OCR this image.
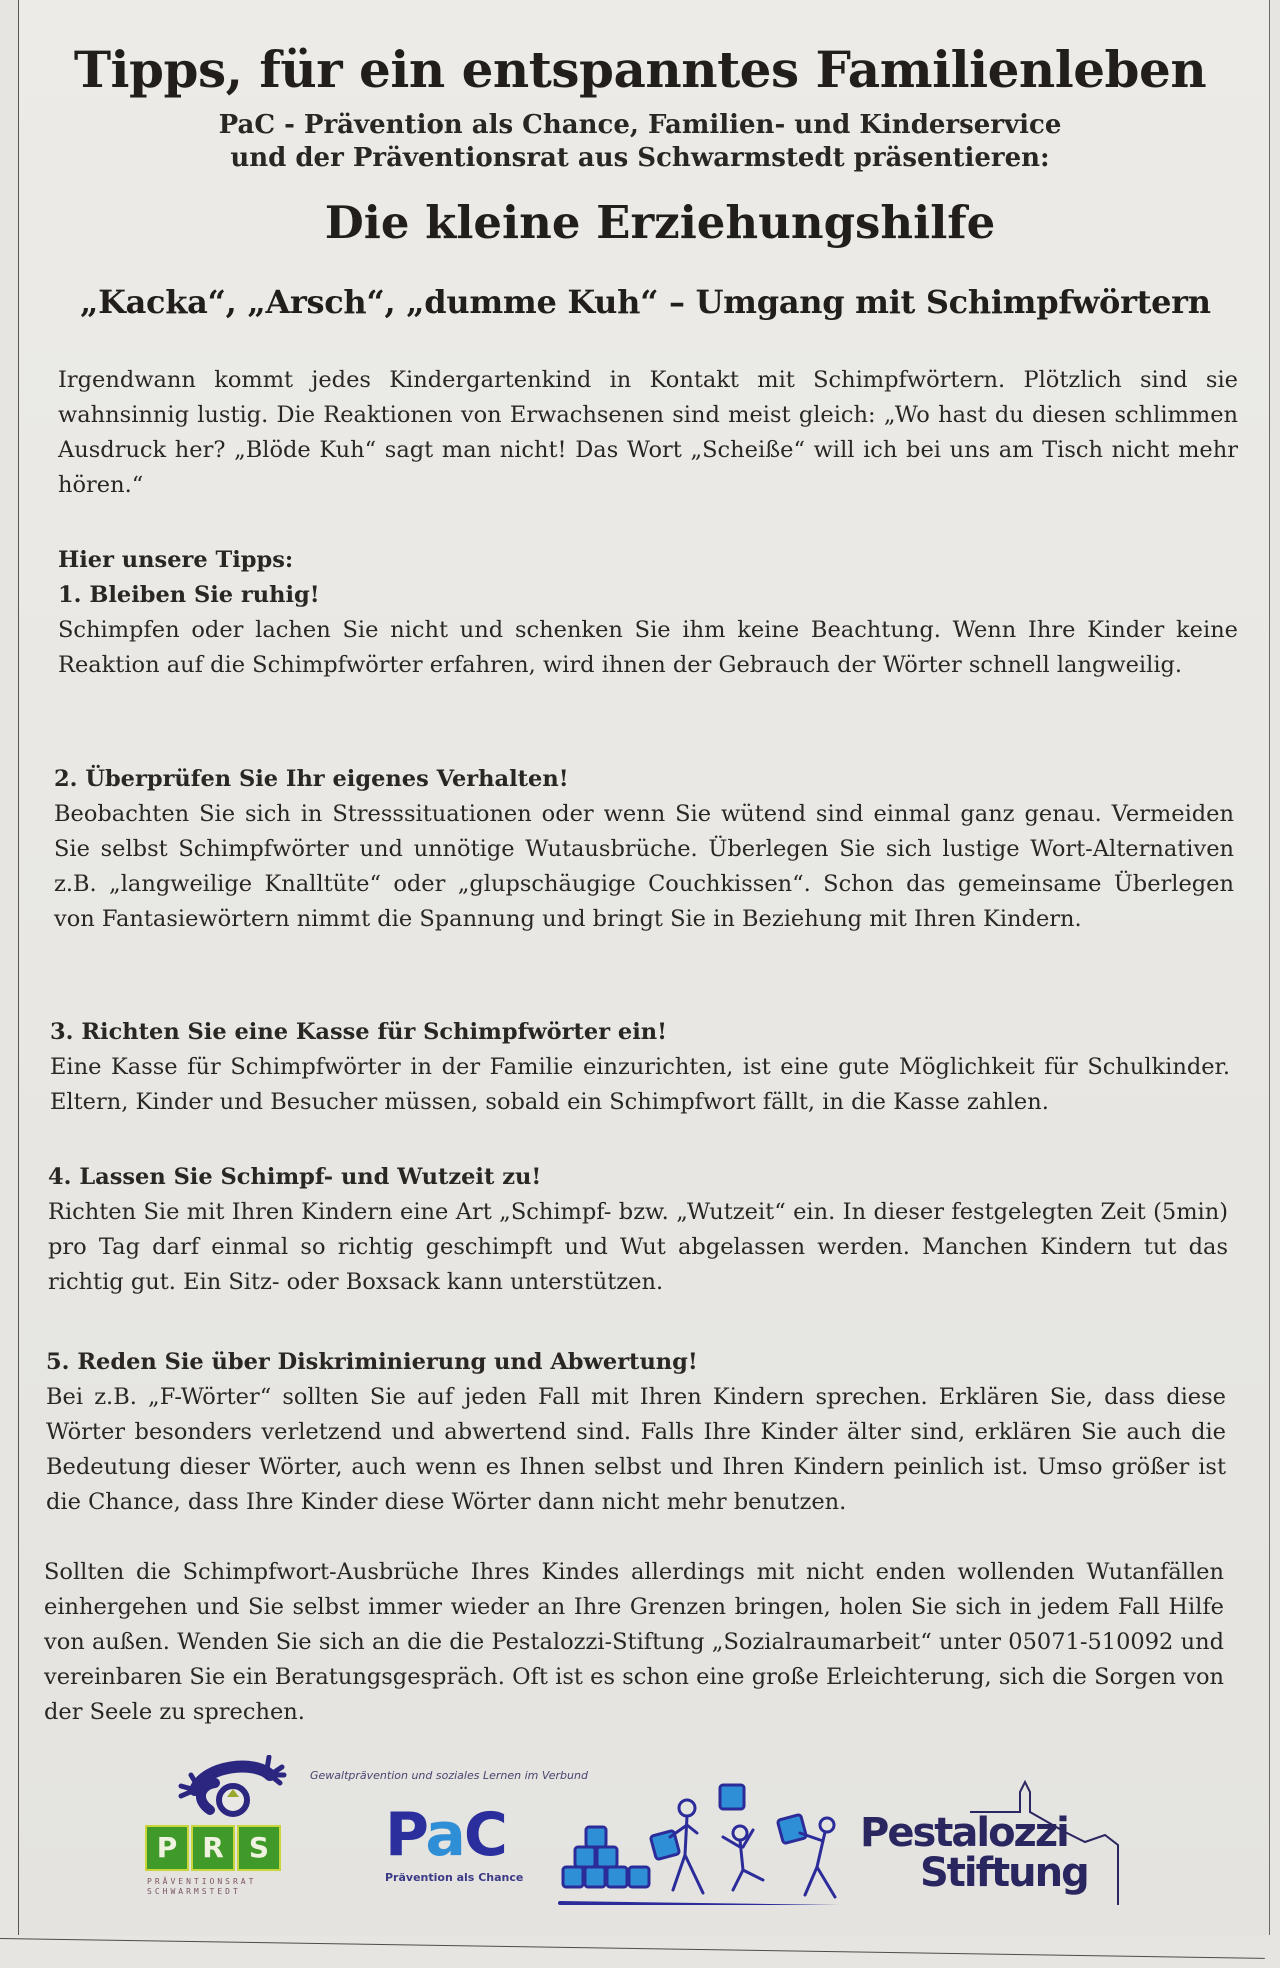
Tipps, für ein entspanntes Familienleben
PaC - Prävention als Chance, Familien- und Kinderservice
und der Präventionsrat aus Schwarmstedt präsentieren:
Die kleine Erziehungshilfe
„Kacka“, „Arsch“, „dumme Kuh“ – Umgang mit Schimpfwörtern
Irgendwann kommt jedes Kindergartenkind in Kontakt mit Schimpfwörtern. Plötzlich sind sie wahnsinnig lustig. Die Reaktionen von Erwachsenen sind meist gleich: „Wo hast du diesen schlimmen Ausdruck her? „Blöde Kuh“ sagt man nicht! Das Wort „Scheiße“ will ich bei uns am Tisch nicht mehr hören.“
Hier unsere Tipps:
1. Bleiben Sie ruhig!
Schimpfen oder lachen Sie nicht und schenken Sie ihm keine Beachtung. Wenn Ihre Kinder keine Reaktion auf die Schimpfwörter erfahren, wird ihnen der Gebrauch der Wörter schnell langweilig.
2. Überprüfen Sie Ihr eigenes Verhalten!
Beobachten Sie sich in Stresssituationen oder wenn Sie wütend sind einmal ganz genau. Vermeiden Sie selbst Schimpfwörter und unnötige Wutausbrüche. Überlegen Sie sich lustige Wort-Alternativen z.B. „langweilige Knalltüte“ oder „glupschäugige Couchkissen“. Schon das gemeinsame Überlegen von Fantasiewörtern nimmt die Spannung und bringt Sie in Beziehung mit Ihren Kindern.
3. Richten Sie eine Kasse für Schimpfwörter ein!
Eine Kasse für Schimpfwörter in der Familie einzurichten, ist eine gute Möglichkeit für Schulkinder. Eltern, Kinder und Besucher müssen, sobald ein Schimpfwort fällt, in die Kasse zahlen.
4. Lassen Sie Schimpf- und Wutzeit zu!
Richten Sie mit Ihren Kindern eine Art „Schimpf- bzw. „Wutzeit“ ein. In dieser festgelegten Zeit (5min) pro Tag darf einmal so richtig geschimpft und Wut abgelassen werden. Manchen Kindern tut das richtig gut. Ein Sitz- oder Boxsack kann unterstützen.
5. Reden Sie über Diskriminierung und Abwertung!
Bei z.B. „F-Wörter“ sollten Sie auf jeden Fall mit Ihren Kindern sprechen. Erklären Sie, dass diese Wörter besonders verletzend und abwertend sind. Falls Ihre Kinder älter sind, erklären Sie auch die Bedeutung dieser Wörter, auch wenn es Ihnen selbst und Ihren Kindern peinlich ist. Umso größer ist die Chance, dass Ihre Kinder diese Wörter dann nicht mehr benutzen.
Sollten die Schimpfwort-Ausbrüche Ihres Kindes allerdings mit nicht enden wollenden Wutanfällen einhergehen und Sie selbst immer wieder an Ihre Grenzen bringen, holen Sie sich in jedem Fall Hilfe von außen. Wenden Sie sich an die die Pestalozzi-Stiftung „Sozialraumarbeit“ unter 05071-510092 und vereinbaren Sie ein Beratungsgespräch. Oft ist es schon eine große Erleichterung, sich die Sorgen von der Seele zu sprechen.
Gewaltprävention und soziales Lernen im Verbund
P R S
PRÄVENTIONSRAT
SCHWARMSTEDT
PaC
Prävention als Chance
Pestalozzi
Stiftung
